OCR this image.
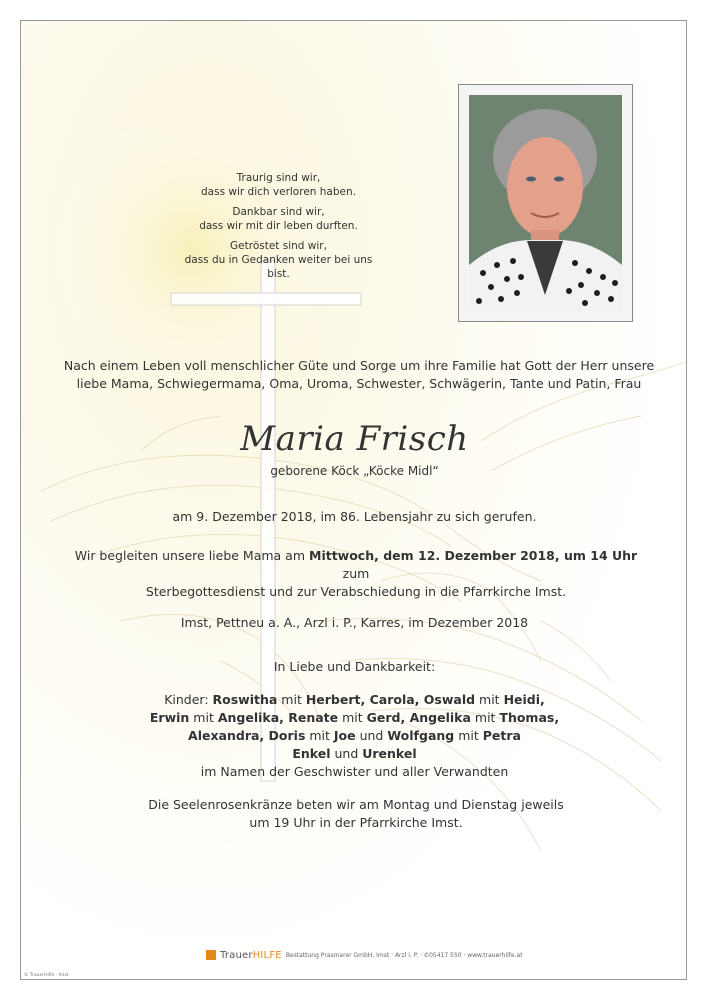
Traurig sind wir,
dass wir dich verloren haben.

Dankbar sind wir,
dass wir mit dir leben durften.

Getröstet sind wir,
dass du in Gedanken weiter bei uns bist.

Nach einem Leben voll menschlicher Güte und Sorge um ihre Familie hat Gott der Herr unsere
liebe Mama, Schwiegermama, Oma, Uroma, Schwester, Schwägerin, Tante und Patin, Frau
Maria Frisch
geborene Köck „Köcke Midl“
am 9. Dezember 2018, im 86. Lebensjahr zu sich gerufen.
Wir begleiten unsere liebe Mama am Mittwoch, dem 12. Dezember 2018, um 14 Uhr zum
Sterbegottesdienst und zur Verabschiedung in die Pfarrkirche Imst.
Imst, Pettneu a. A., Arzl i. P., Karres, im Dezember 2018
In Liebe und Dankbarkeit:
Kinder: Roswitha mit Herbert, Carola, Oswald mit Heidi,
Erwin mit Angelika, Renate mit Gerd, Angelika mit Thomas,
Alexandra, Doris mit Joe und Wolfgang mit Petra
Enkel und Urenkel
im Namen der Geschwister und aller Verwandten
Die Seelenrosenkränze beten wir am Montag und Dienstag jeweils
um 19 Uhr in der Pfarrkirche Imst.
TrauerHILFE Bestattung Prasmarer GmbH, Imst · Arzl i. P. · ✆05417 550 · www.trauerhilfe.at
© TrauerHilfe · Imst
